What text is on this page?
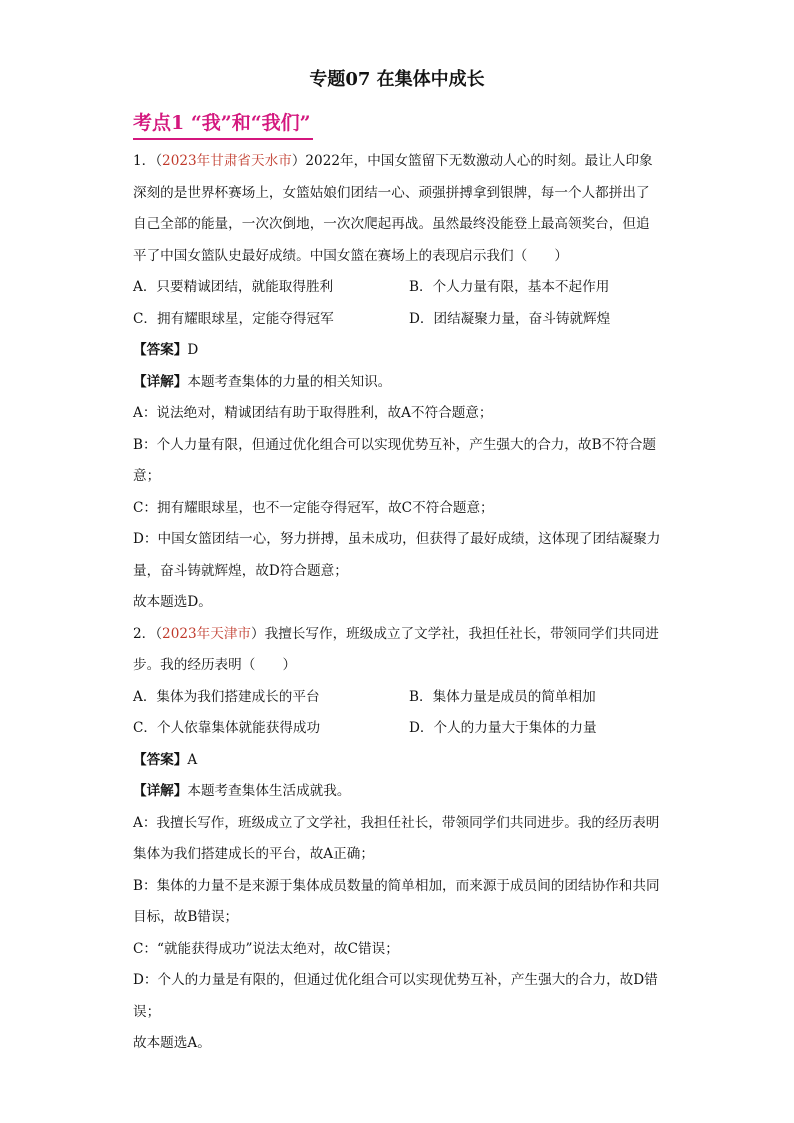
专题07 在集体中成长
考点1 “我”和“我们”

1．（2023年甘肃省天水市）2022年，中国女篮留下无数激动人心的时刻。最让人印象深刻的是世界杯赛场上，女篮姑娘们团结一心、顽强拼搏拿到银牌，每一个人都拼出了自己全部的能量，一次次倒地，一次次爬起再战。虽然最终没能登上最高领奖台，但追平了中国女篮队史最好成绩。中国女篮在赛场上的表现启示我们（　　）

A．只要精诚团结，就能取得胜利	B．个人力量有限，基本不起作用
C．拥有耀眼球星，定能夺得冠军	D．团结凝聚力量，奋斗铸就辉煌

【答案】D

【详解】本题考查集体的力量的相关知识。

A：说法绝对，精诚团结有助于取得胜利，故A不符合题意；

B：个人力量有限，但通过优化组合可以实现优势互补，产生强大的合力，故B不符合题意；

C：拥有耀眼球星，也不一定能夺得冠军，故C不符合题意；

D：中国女篮团结一心，努力拼搏，虽未成功，但获得了最好成绩，这体现了团结凝聚力量，奋斗铸就辉煌，故D符合题意；

故本题选D。

2．（2023年天津市）我擅长写作，班级成立了文学社，我担任社长，带领同学们共同进步。我的经历表明（　　）

A．集体为我们搭建成长的平台	B．集体力量是成员的简单相加
C．个人依靠集体就能获得成功	D．个人的力量大于集体的力量

【答案】A

【详解】本题考查集体生活成就我。

A：我擅长写作，班级成立了文学社，我担任社长，带领同学们共同进步。我的经历表明集体为我们搭建成长的平台，故A正确；

B：集体的力量不是来源于集体成员数量的简单相加，而来源于成员间的团结协作和共同目标，故B错误；

C：“就能获得成功”说法太绝对，故C错误；

D：个人的力量是有限的，但通过优化组合可以实现优势互补，产生强大的合力，故D错误；

故本题选A。
